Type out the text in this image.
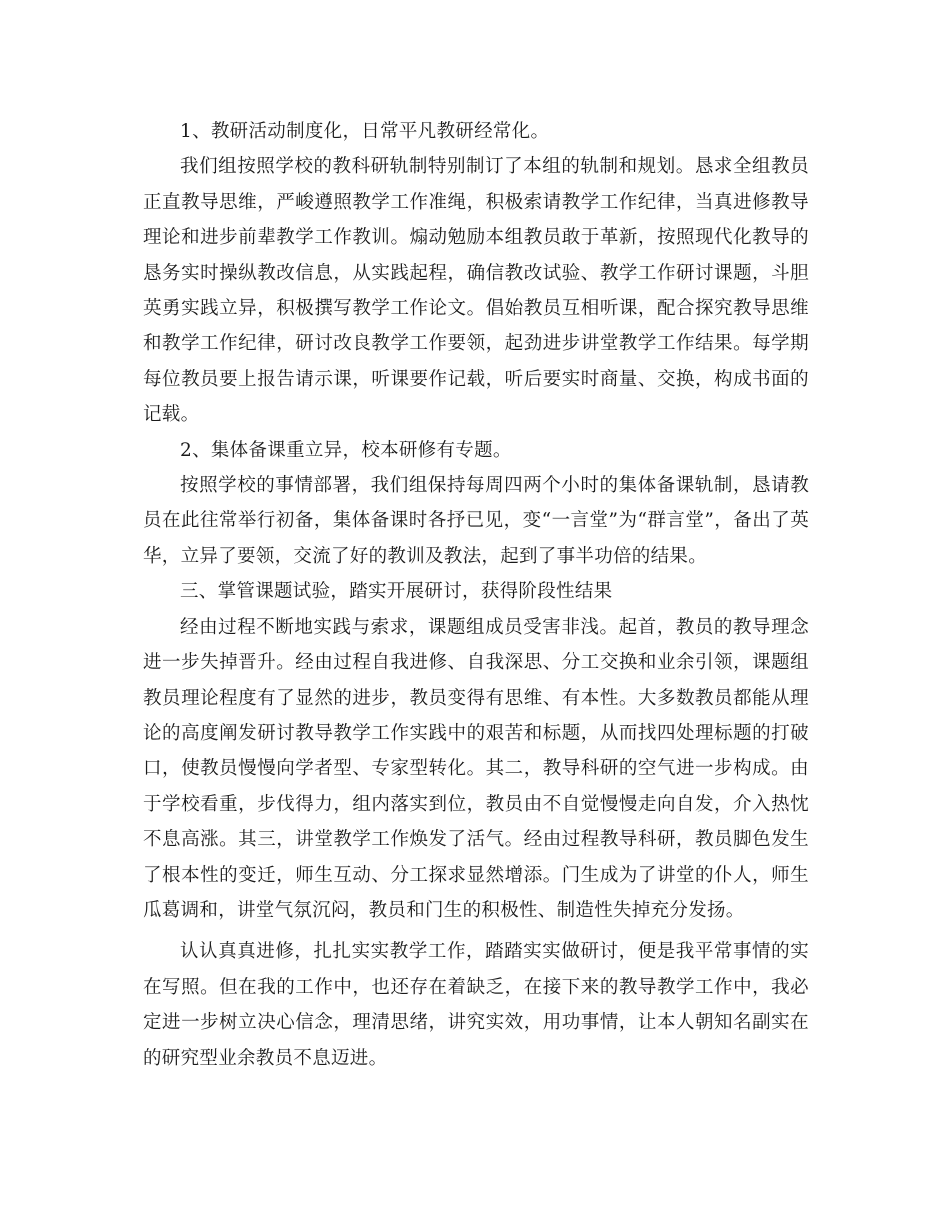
1、教研活动制度化，日常平凡教研经常化。

我们组按照学校的教科研轨制特别制订了本组的轨制和规划。恳求全组教员正直教导思维，严峻遵照教学工作准绳，积极索请教学工作纪律，当真进修教导理论和进步前辈教学工作教训。煽动勉励本组教员敢于革新，按照现代化教导的恳务实时操纵教改信息，从实践起程，确信教改试验、教学工作研讨课题，斗胆英勇实践立异，积极撰写教学工作论文。倡始教员互相听课，配合探究教导思维和教学工作纪律，研讨改良教学工作要领，起劲进步讲堂教学工作结果。每学期每位教员要上报告请示课，听课要作记载，听后要实时商量、交换，构成书面的记载。

2、集体备课重立异，校本研修有专题。

按照学校的事情部署，我们组保持每周四两个小时的集体备课轨制，恳请教员在此往常举行初备，集体备课时各抒已见，变“一言堂”为“群言堂”，备出了英华，立异了要领，交流了好的教训及教法，起到了事半功倍的结果。

三、掌管课题试验，踏实开展研讨，获得阶段性结果

经由过程不断地实践与索求，课题组成员受害非浅。起首，教员的教导理念进一步失掉晋升。经由过程自我进修、自我深思、分工交换和业余引领，课题组教员理论程度有了显然的进步，教员变得有思维、有本性。大多数教员都能从理论的高度阐发研讨教导教学工作实践中的艰苦和标题，从而找四处理标题的打破口，使教员慢慢向学者型、专家型转化。其二，教导科研的空气进一步构成。由于学校看重，步伐得力，组内落实到位，教员由不自觉慢慢走向自发，介入热忱不息高涨。其三，讲堂教学工作焕发了活气。经由过程教导科研，教员脚色发生了根本性的变迁，师生互动、分工探求显然增添。门生成为了讲堂的仆人，师生瓜葛调和，讲堂气氛沉闷，教员和门生的积极性、制造性失掉充分发扬。

认认真真进修，扎扎实实教学工作，踏踏实实做研讨，便是我平常事情的实在写照。但在我的工作中，也还存在着缺乏，在接下来的教导教学工作中，我必定进一步树立决心信念，理清思绪，讲究实效，用功事情，让本人朝知名副实在的研究型业余教员不息迈进。
